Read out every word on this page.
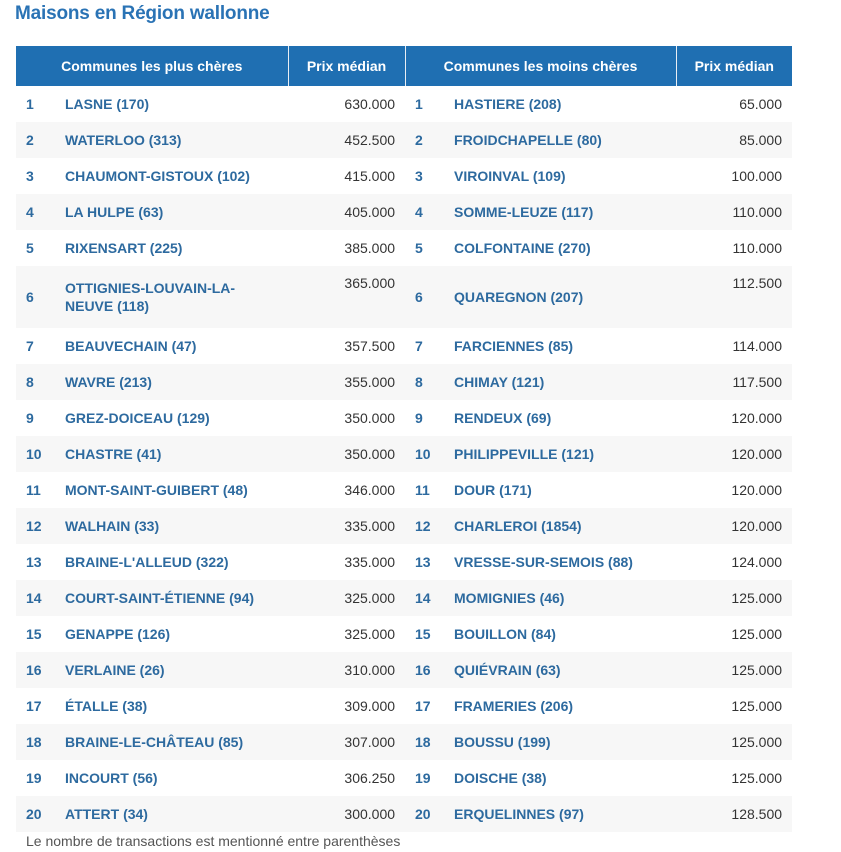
Maisons en Région wallonne
Communes les plus chères		Prix médian	Communes les moins chères		Prix médian
1	LASNE (170)	630.000	1	HASTIERE (208)	65.000
2	WATERLOO (313)	452.500	2	FROIDCHAPELLE (80)	85.000
3	CHAUMONT-GISTOUX (102)	415.000	3	VIROINVAL (109)	100.000
4	LA HULPE (63)	405.000	4	SOMME-LEUZE (117)	110.000
5	RIXENSART (225)	385.000	5	COLFONTAINE (270)	110.000
6	OTTIGNIES-LOUVAIN-LA-NEUVE (118)	365.000	6	QUAREGNON (207)	112.500
7	BEAUVECHAIN (47)	357.500	7	FARCIENNES (85)	114.000
8	WAVRE (213)	355.000	8	CHIMAY (121)	117.500
9	GREZ-DOICEAU (129)	350.000	9	RENDEUX (69)	120.000
10	CHASTRE (41)	350.000	10	PHILIPPEVILLE (121)	120.000
11	MONT-SAINT-GUIBERT (48)	346.000	11	DOUR (171)	120.000
12	WALHAIN (33)	335.000	12	CHARLEROI (1854)	120.000
13	BRAINE-L'ALLEUD (322)	335.000	13	VRESSE-SUR-SEMOIS (88)	124.000
14	COURT-SAINT-ÉTIENNE (94)	325.000	14	MOMIGNIES (46)	125.000
15	GENAPPE (126)	325.000	15	BOUILLON (84)	125.000
16	VERLAINE (26)	310.000	16	QUIÉVRAIN (63)	125.000
17	ÉTALLE (38)	309.000	17	FRAMERIES (206)	125.000
18	BRAINE-LE-CHÂTEAU (85)	307.000	18	BOUSSU (199)	125.000
19	INCOURT (56)	306.250	19	DOISCHE (38)	125.000
20	ATTERT (34)	300.000	20	ERQUELINNES (97)	128.500
Le nombre de transactions est mentionné entre parenthèses
